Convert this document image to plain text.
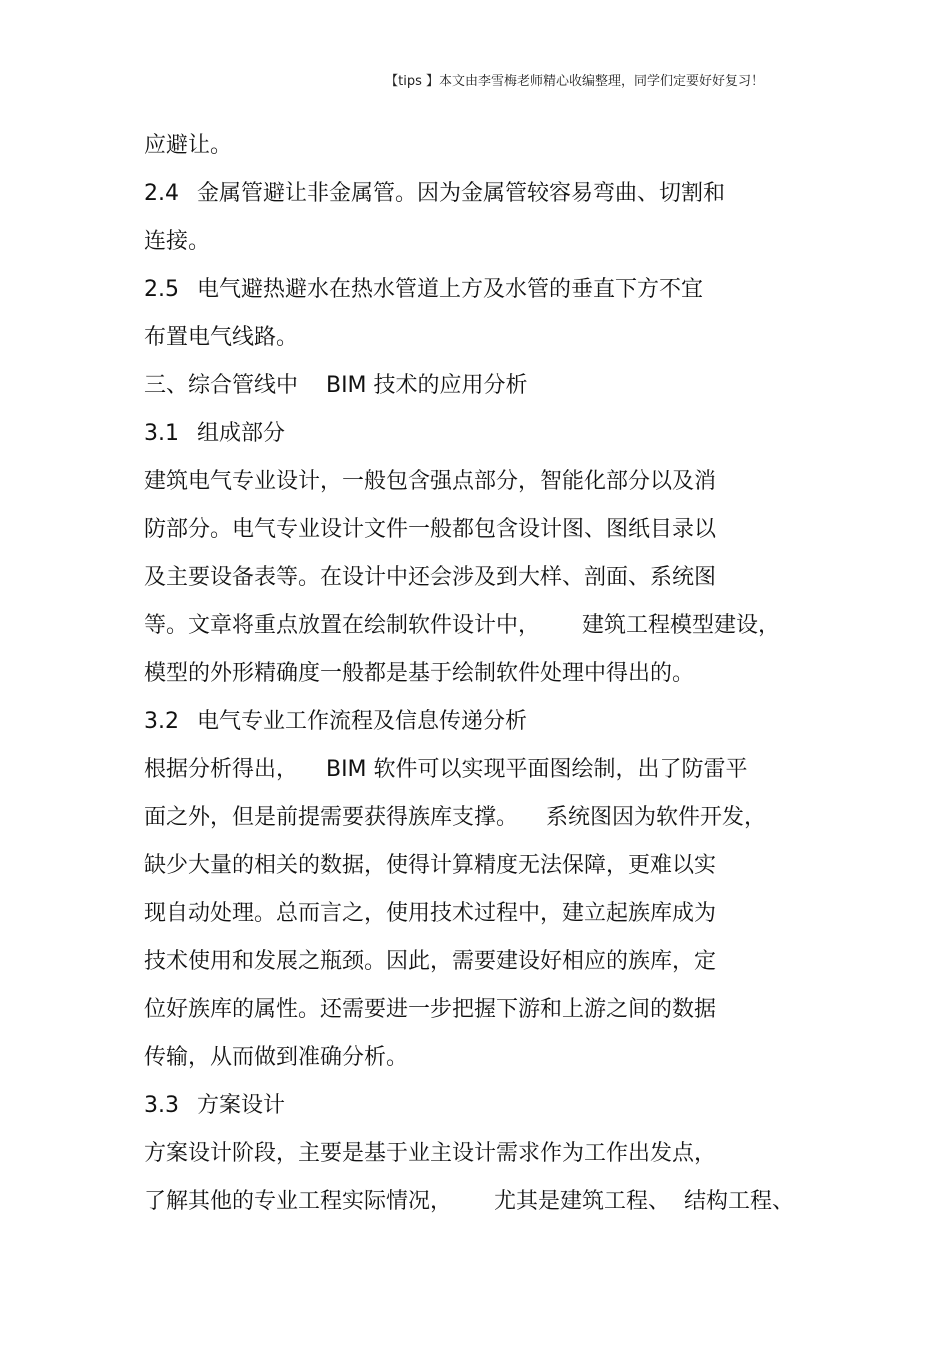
【tips 】本文由李雪梅老师精心收编整理，同学们定要好好复习！
应避让。
2.4 金属管避让非金属管。因为金属管较容易弯曲、切割和
连接。
2.5 电气避热避水在热水管道上方及水管的垂直下方不宜
布置电气线路。
三、综合管线中    BIM 技术的应用分析
3.1 组成部分
建筑电气专业设计，一般包含强点部分，智能化部分以及消
防部分。电气专业设计文件一般都包含设计图、图纸目录以
及主要设备表等。在设计中还会涉及到大样、剖面、系统图
等。文章将重点放置在绘制软件设计中，      建筑工程模型建设，
模型的外形精确度一般都是基于绘制软件处理中得出的。
3.2 电气专业工作流程及信息传递分析
根据分析得出，    BIM 软件可以实现平面图绘制，出了防雷平
面之外，但是前提需要获得族库支撑。    系统图因为软件开发，
缺少大量的相关的数据，使得计算精度无法保障，更难以实
现自动处理。总而言之，使用技术过程中，建立起族库成为
技术使用和发展之瓶颈。因此，需要建设好相应的族库，定
位好族库的属性。还需要进一步把握下游和上游之间的数据
传输，从而做到准确分析。
3.3 方案设计
方案设计阶段，主要是基于业主设计需求作为工作出发点，
了解其他的专业工程实际情况，      尤其是建筑工程、  结构工程、
